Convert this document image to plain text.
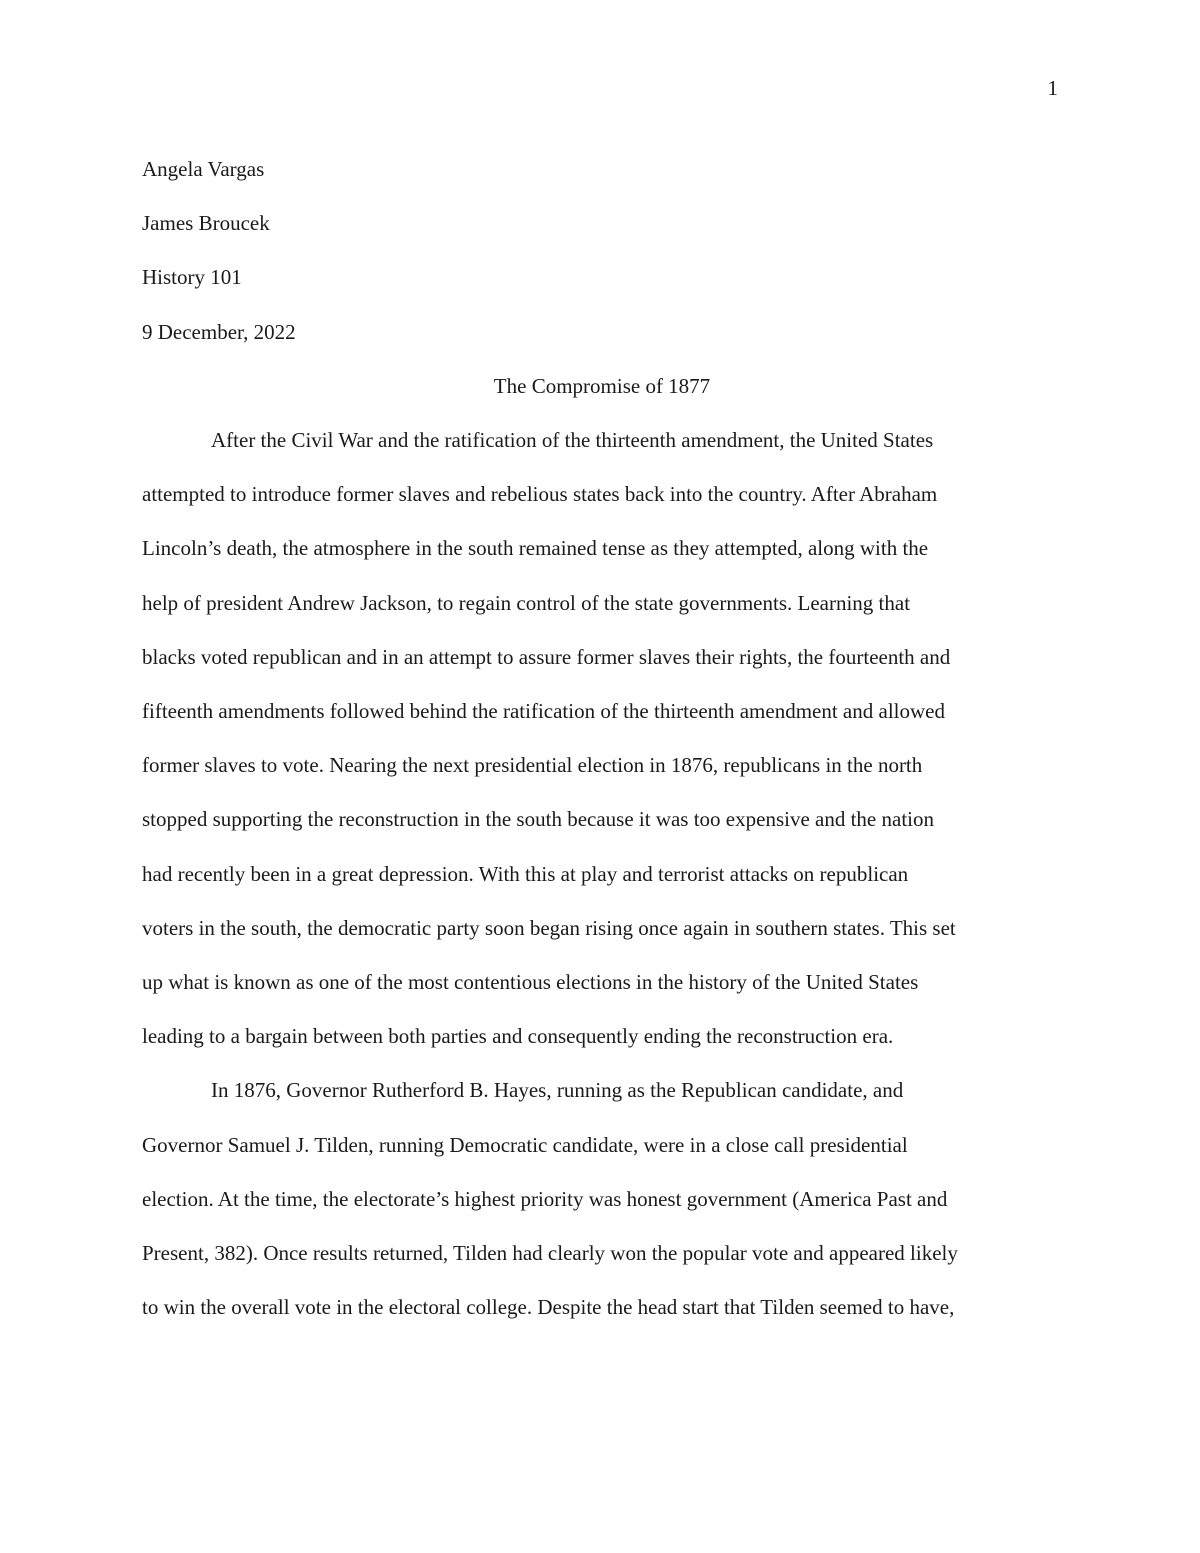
1

Angela Vargas

James Broucek

History 101

9 December, 2022

The Compromise of 1877

After the Civil War and the ratification of the thirteenth amendment, the United States

attempted to introduce former slaves and rebelious states back into the country. After Abraham

Lincoln’s death, the atmosphere in the south remained tense as they attempted, along with the

help of president Andrew Jackson, to regain control of the state governments. Learning that

blacks voted republican and in an attempt to assure former slaves their rights, the fourteenth and

fifteenth amendments followed behind the ratification of the thirteenth amendment and allowed

former slaves to vote. Nearing the next presidential election in 1876, republicans in the north

stopped supporting the reconstruction in the south because it was too expensive and the nation

had recently been in a great depression. With this at play and terrorist attacks on republican

voters in the south, the democratic party soon began rising once again in southern states. This set

up what is known as one of the most contentious elections in the history of the United States

leading to a bargain between both parties and consequently ending the reconstruction era.

In 1876, Governor Rutherford B. Hayes, running as the Republican candidate, and

Governor Samuel J. Tilden, running Democratic candidate, were in a close call presidential

election. At the time, the electorate’s highest priority was honest government (America Past and

Present, 382). Once results returned, Tilden had clearly won the popular vote and appeared likely

to win the overall vote in the electoral college. Despite the head start that Tilden seemed to have,
